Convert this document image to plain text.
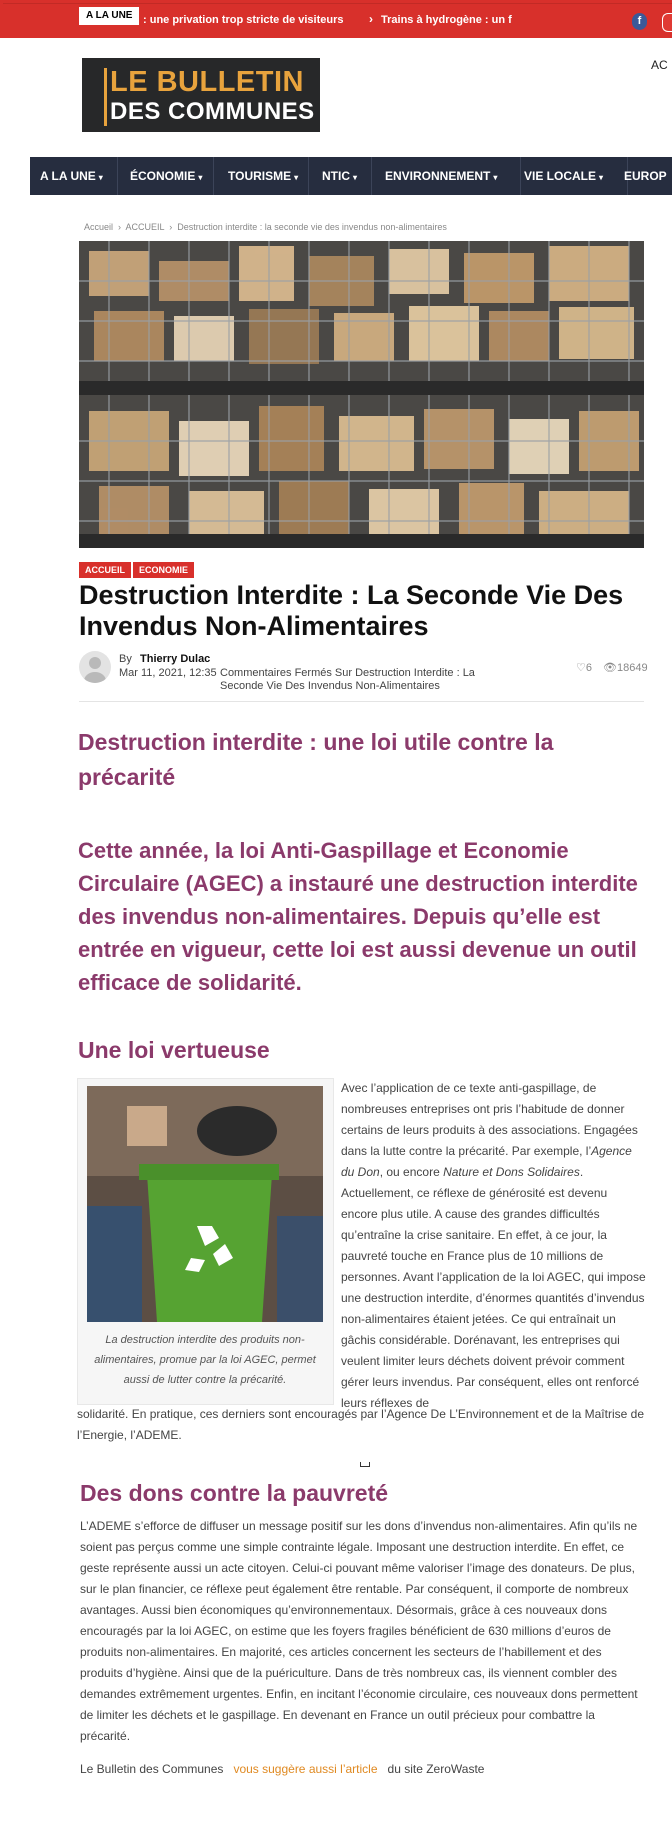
A LA UNE : une privation trop stricte de visiteurs › Trains à hydrogène : un f	f
LE BULLETIN
DES COMMUNES
AC
A LA UNE ▾ ÉCONOMIE ▾ TOURISME ▾ NTIC ▾ ENVIRONNEMENT ▾ VIE LOCALE ▾ EUROP
Accueil  ›  ACCUEIL  ›  Destruction interdite : la seconde vie des invendus non-alimentaires
ACCUEIL	ECONOMIE
Destruction Interdite : La Seconde Vie Des Invendus Non-Alimentaires
By Thierry Dulac
Mar 11, 2021, 12:35 Commentaires Fermés Sur Destruction Interdite : La Seconde Vie Des Invendus Non-Alimentaires
♡6 👁18649
Destruction interdite : une loi utile contre la précarité
Cette année, la loi Anti-Gaspillage et Economie Circulaire (AGEC) a instauré une destruction interdite des invendus non-alimentaires. Depuis qu’elle est entrée en vigueur, cette loi est aussi devenue un outil efficace de solidarité.
Une loi vertueuse
La destruction interdite des produits non-alimentaires, promue par la loi AGEC, permet aussi de lutter contre la précarité.
Avec l’application de ce texte anti-gaspillage, de nombreuses entreprises ont pris l’habitude de donner certains de leurs produits à des associations. Engagées dans la lutte contre la précarité. Par exemple, l’Agence du Don, ou encore Nature et Dons Solidaires. Actuellement, ce réflexe de générosité est devenu encore plus utile. A cause des grandes difficultés qu’entraîne la crise sanitaire. En effet, à ce jour, la pauvreté touche en France plus de 10 millions de personnes. Avant l’application de la loi AGEC, qui impose une destruction interdite, d’énormes quantités d’invendus non-alimentaires étaient jetées. Ce qui entraînait un gâchis considérable. Dorénavant, les entreprises qui veulent limiter leurs déchets doivent prévoir comment gérer leurs invendus. Par conséquent, elles ont renforcé leurs réflexes de
solidarité. En pratique, ces derniers sont encouragés par l’Agence De L’Environnement et de la Maîtrise de l’Energie, l’ADEME.
Des dons contre la pauvreté
L’ADEME s’efforce de diffuser un message positif sur les dons d’invendus non-alimentaires. Afin qu’ils ne soient pas perçus comme une simple contrainte légale. Imposant une destruction interdite. En effet, ce geste représente aussi un acte citoyen. Celui-ci pouvant même valoriser l’image des donateurs. De plus, sur le plan financier, ce réflexe peut également être rentable. Par conséquent, il comporte de nombreux avantages. Aussi bien économiques qu’environnementaux. Désormais, grâce à ces nouveaux dons encouragés par la loi AGEC, on estime que les foyers fragiles bénéficient de 630 millions d’euros de produits non-alimentaires. En majorité, ces articles concernent les secteurs de l’habillement et des produits d’hygiène. Ainsi que de la puériculture. Dans de très nombreux cas, ils viennent combler des demandes extrêmement urgentes. Enfin, en incitant l’économie circulaire, ces nouveaux dons permettent de limiter les déchets et le gaspillage. En devenant en France un outil précieux pour combattre la précarité.
Le Bulletin des Communes vous suggère aussi l’article du site ZeroWaste
